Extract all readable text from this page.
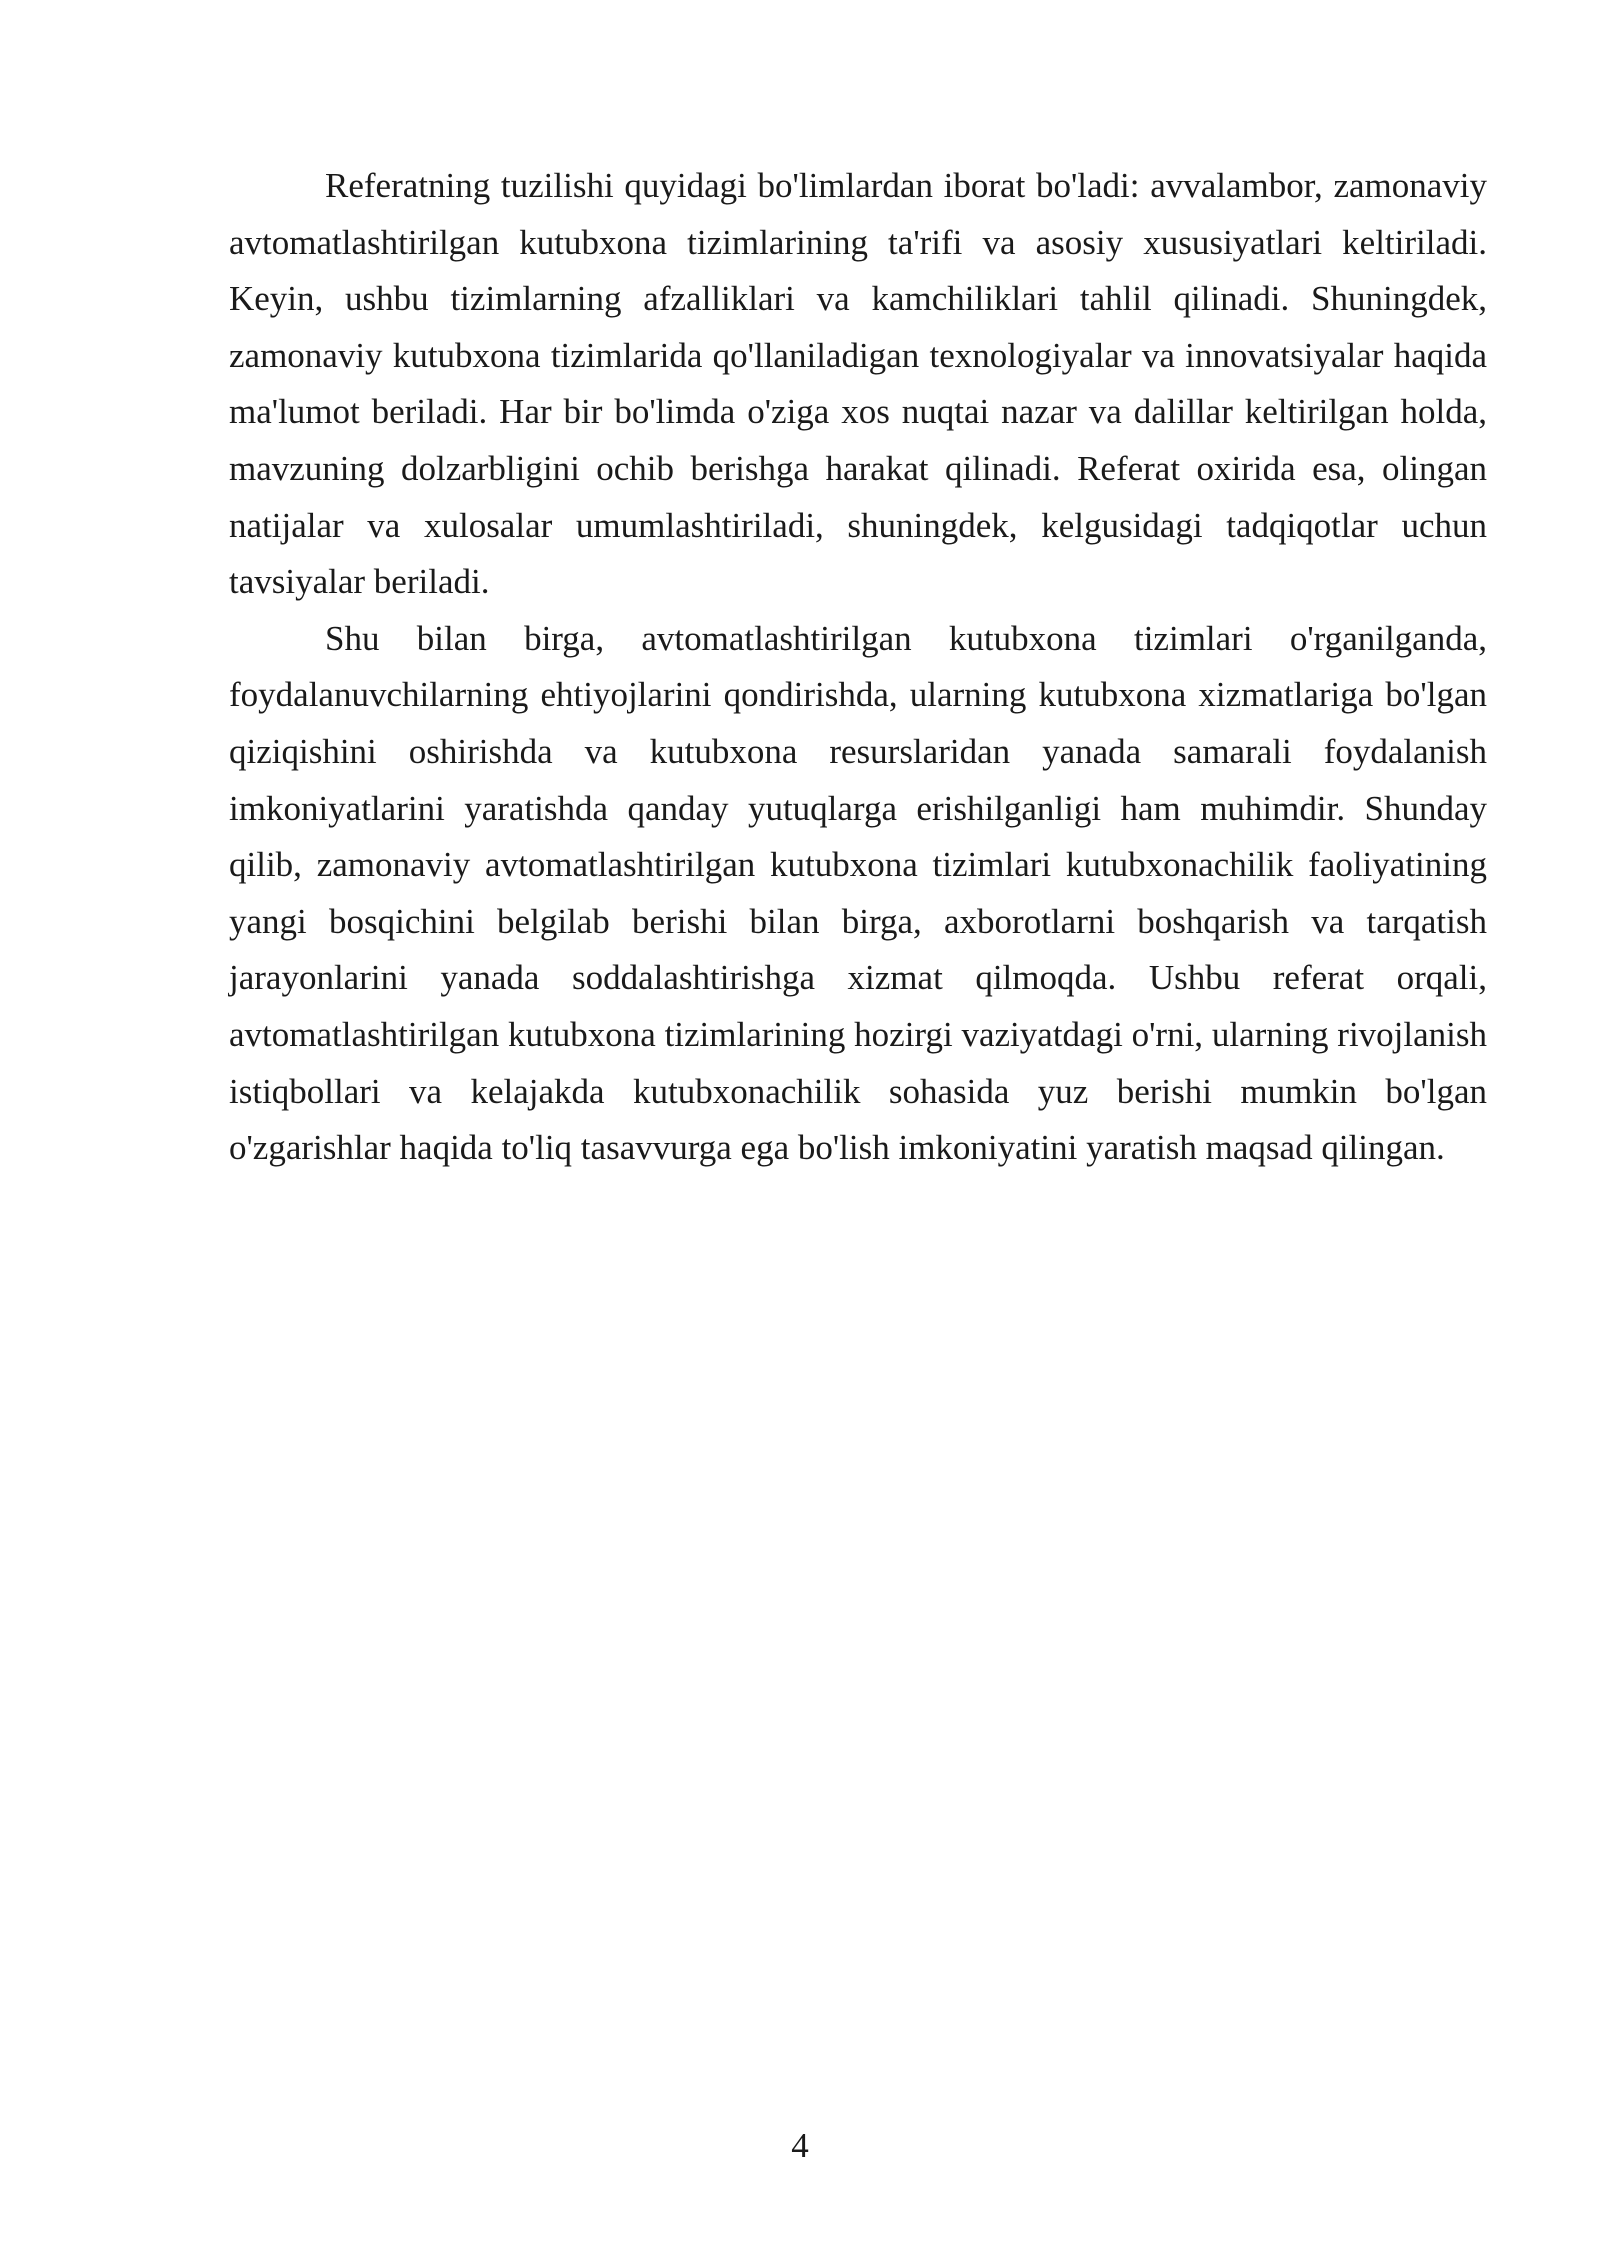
Referatning tuzilishi quyidagi bo'limlardan iborat bo'ladi: avvalambor, zamonaviy avtomatlashtirilgan kutubxona tizimlarining ta'rifi va asosiy xususiyatlari keltiriladi. Keyin, ushbu tizimlarning afzalliklari va kamchiliklari tahlil qilinadi. Shuningdek, zamonaviy kutubxona tizimlarida qo'llaniladigan texnologiyalar va innovatsiyalar haqida ma'lumot beriladi. Har bir bo'limda o'ziga xos nuqtai nazar va dalillar keltirilgan holda, mavzuning dolzarbligini ochib berishga harakat qilinadi. Referat oxirida esa, olingan natijalar va xulosalar umumlashtiriladi, shuningdek, kelgusidagi tadqiqotlar uchun tavsiyalar beriladi.

Shu bilan birga, avtomatlashtirilgan kutubxona tizimlari o'rganilganda, foydalanuvchilarning ehtiyojlarini qondirishda, ularning kutubxona xizmatlariga bo'lgan qiziqishini oshirishda va kutubxona resurslaridan yanada samarali foydalanish imkoniyatlarini yaratishda qanday yutuqlarga erishilganligi ham muhimdir. Shunday qilib, zamonaviy avtomatlashtirilgan kutubxona tizimlari kutubxonachilik faoliyatining yangi bosqichini belgilab berishi bilan birga, axborotlarni boshqarish va tarqatish jarayonlarini yanada soddalashtirishga xizmat qilmoqda. Ushbu referat orqali, avtomatlashtirilgan kutubxona tizimlarining hozirgi vaziyatdagi o'rni, ularning rivojlanish istiqbollari va kelajakda kutubxonachilik sohasida yuz berishi mumkin bo'lgan o'zgarishlar haqida to'liq tasavvurga ega bo'lish imkoniyatini yaratish maqsad qilingan.

4
